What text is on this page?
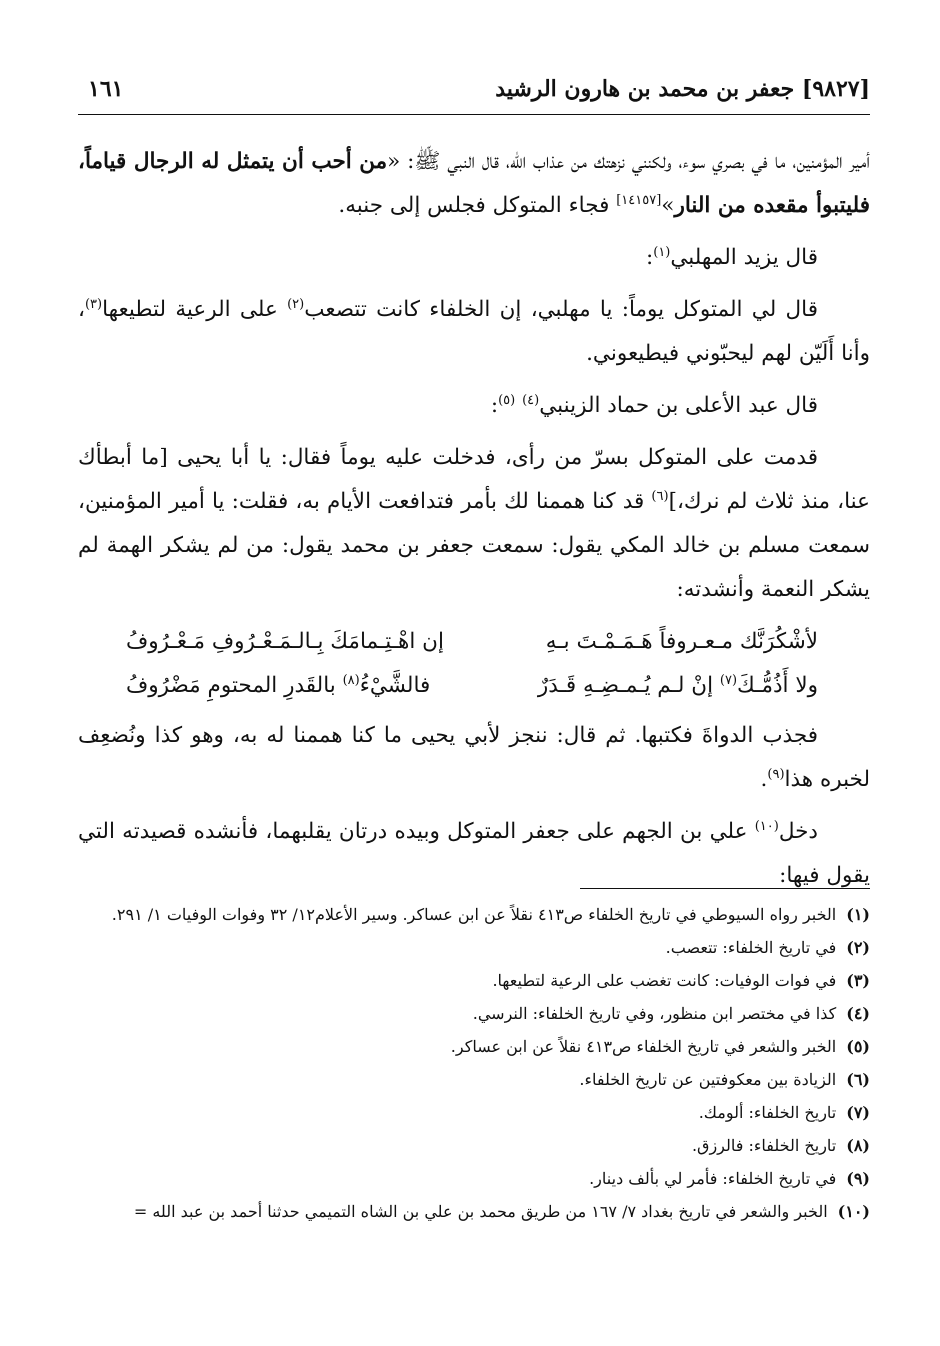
[٩٨٢٧] جعفر بن محمد بن هارون الرشيد
١٦١

أمير المؤمنين، ما في بصري سوء، ولكنني نزهتك من عذاب الله، قال النبي ﷺ: «من أحب أن يتمثل له الرجال قياماً، فليتبوأ مقعده من النار»[١٤١٥٧] فجاء المتوكل فجلس إلى جنبه.

قال يزيد المهلبي$^{(١)}$:

قال لي المتوكل يوماً: يا مهلبي، إن الخلفاء كانت تتصعب$^{(٢)}$ على الرعية لتطيعها$^{(٣)}$، وأنا أَلَيّن لهم ليحبّوني فيطيعوني.

قال عبد الأعلى بن حماد الزينبي$^{(٤)}$ $^{(٥)}$:

قدمت على المتوكل بسرّ من رأى، فدخلت عليه يوماً فقال: يا أبا يحيى [ما أبطأك عنا، منذ ثلاث لم نرك،]$^{(٦)}$ قد كنا هممنا لك بأمر فتدافعت الأيام به، فقلت: يا أمير المؤمنين، سمعت مسلم بن خالد المكي يقول: سمعت جعفر بن محمد يقول: من لم يشكر الهمة لم يشكر النعمة وأنشدته:

لأشْكُرَنَّك مـعـروفاً هَـمَـمْـتَ بـهِ
إن اهْـتِـمامَكَ بِـالـمَـعْـرُوفِ مَـعْـرُوفُ
ولا أَذُمُّـكَ$^{(٧)}$ إنْ لـم يُـمـضِـهِ قَـدَرٌ
فالشَّيْءُ$^{(٨)}$ بالقَدرِ المحتومِ مَضْرُوفُ

فجذب الدواةَ فكتبها. ثم قال: ننجز لأبي يحيى ما كنا هممنا له به، وهو كذا ونُضعِف لخبره هذا$^{(٩)}$.

دخل$^{(١٠)}$ علي بن الجهم على جعفر المتوكل وبيده درتان يقلبهما، فأنشده قصيدته التي يقول فيها:

(١)
الخبر رواه السيوطي في تاريخ الخلفاء ص٤١٣ نقلاً عن ابن عساكر. وسير الأعلام١٢/ ٣٢ وفوات الوفيات ١/ ٢٩١.
(٢)
في تاريخ الخلفاء: تتعصب.
(٣)
في فوات الوفيات: كانت تغضب على الرعية لتطيعها.
(٤)
كذا في مختصر ابن منظور، وفي تاريخ الخلفاء: النرسي.
(٥)
الخبر والشعر في تاريخ الخلفاء ص٤١٣ نقلاً عن ابن عساكر.
(٦)
الزيادة بين معكوفتين عن تاريخ الخلفاء.
(٧)
تاريخ الخلفاء: ألومك.
(٨)
تاريخ الخلفاء: فالرزق.
(٩)
في تاريخ الخلفاء: فأمر لي بألف دينار.
(١٠)
الخبر والشعر في تاريخ بغداد ٧/ ١٦٧ من طريق محمد بن علي بن الشاه التميمي حدثنا أحمد بن عبد الله =
